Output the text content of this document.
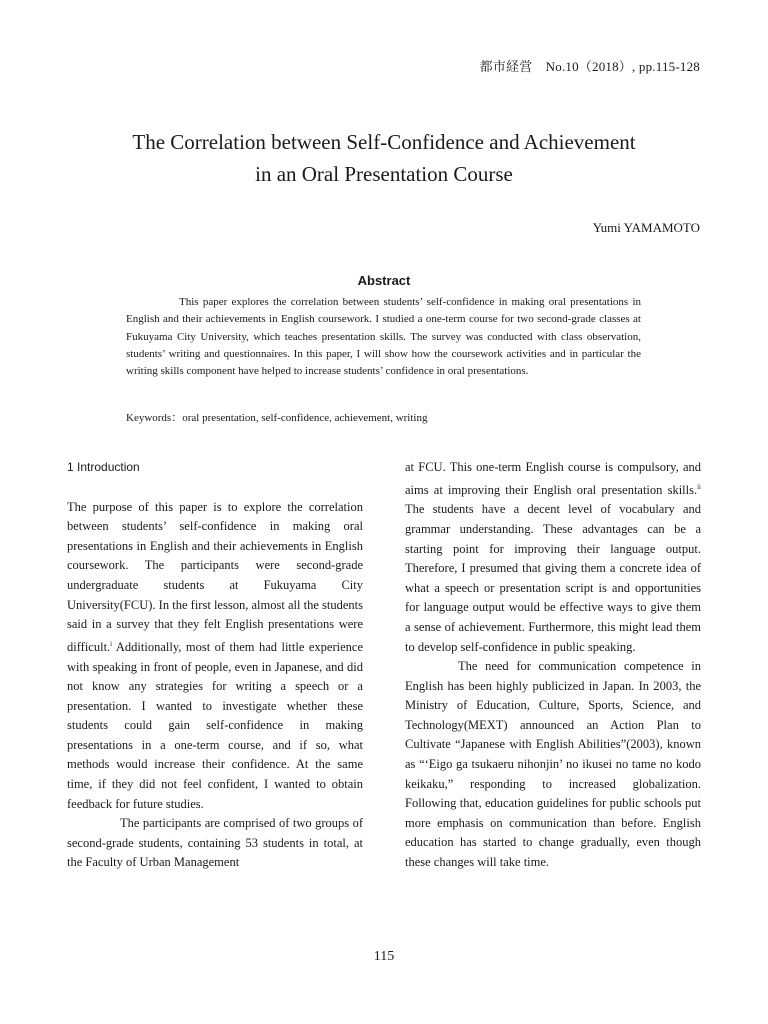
都市経営　No.10（2018）, pp.115-128
The Correlation between Self-Confidence and Achievement
in an Oral Presentation Course
Yumi YAMAMOTO
Abstract
This paper explores the correlation between students’ self-confidence in making oral presentations in English and their achievements in English coursework. I studied a one-term course for two second-grade classes at Fukuyama City University, which teaches presentation skills. The survey was conducted with class observation, students’ writing and questionnaires. In this paper, I will show how the coursework activities and in particular the writing skills component have helped to increase students’ confidence in oral presentations.
Keywords：oral presentation, self-confidence, achievement, writing
1 Introduction

The purpose of this paper is to explore the correlation between students’ self-confidence in making oral presentations in English and their achievements in English coursework. The participants were second-grade undergraduate students at Fukuyama City University(FCU). In the first lesson, almost all the students said in a survey that they felt English presentations were difficult.$^i$ Additionally, most of them had little experience with speaking in front of people, even in Japanese, and did not know any strategies for writing a speech or a presentation. I wanted to investigate whether these students could gain self-confidence in making presentations in a one-term course, and if so, what methods would increase their confidence. At the same time, if they did not feel confident, I wanted to obtain feedback for future studies.

The participants are comprised of two groups of second-grade students, containing 53 students in total, at the Faculty of Urban Management

at FCU. This one-term English course is compulsory, and aims at improving their English oral presentation skills.$^{ii}$ The students have a decent level of vocabulary and grammar understanding. These advantages can be a starting point for improving their language output. Therefore, I presumed that giving them a concrete idea of what a speech or presentation script is and opportunities for language output would be effective ways to give them a sense of achievement. Furthermore, this might lead them to develop self-confidence in public speaking.

The need for communication competence in English has been highly publicized in Japan. In 2003, the Ministry of Education, Culture, Sports, Science, and Technology(MEXT) announced an Action Plan to Cultivate “Japanese with English Abilities”(2003), known as “‘Eigo ga tsukaeru nihonjin’ no ikusei no tame no kodo keikaku,” responding to increased globalization. Following that, education guidelines for public schools put more emphasis on communication than before. English education has started to change gradually, even though these changes will take time.

115
